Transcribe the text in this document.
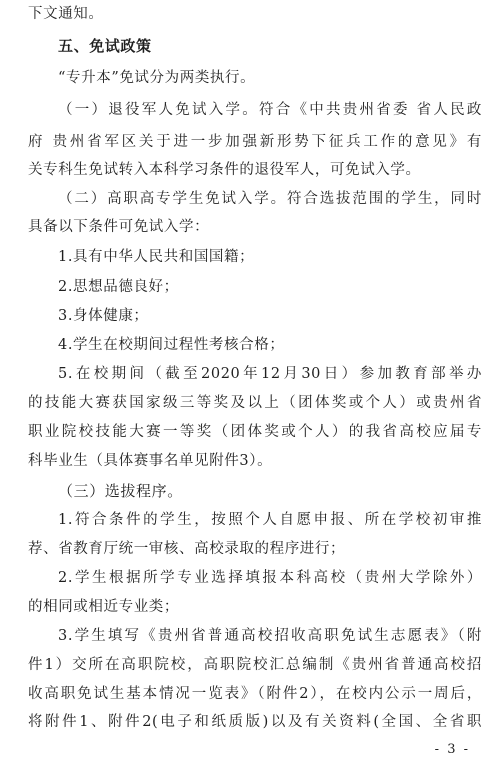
下文通知。
五、免试政策
“专升本”免试分为两类执行。
（一）退役军人免试入学。符合《中共贵州省委 省人民政
府 贵州省军区关于进一步加强新形势下征兵工作的意见》有
关专科生免试转入本科学习条件的退役军人，可免试入学。
（二）高职高专学生免试入学。符合选拔范围的学生，同时
具备以下条件可免试入学：
1.具有中华人民共和国国籍；
2.思想品德良好；
3.身体健康；
4.学生在校期间过程性考核合格；
5.在校期间（截至2020年12月30日）参加教育部举办
的技能大赛获国家级三等奖及以上（团体奖或个人）或贵州省
职业院校技能大赛一等奖（团体奖或个人）的我省高校应届专
科毕业生（具体赛事名单见附件3）。
（三）选拔程序。
1.符合条件的学生，按照个人自愿申报、所在学校初审推
荐、省教育厅统一审核、高校录取的程序进行；
2.学生根据所学专业选择填报本科高校（贵州大学除外）
的相同或相近专业类；
3.学生填写《贵州省普通高校招收高职免试生志愿表》（附
件1）交所在高职院校，高职院校汇总编制《贵州省普通高校招
收高职免试生基本情况一览表》（附件2），在校内公示一周后，
将附件1、附件2(电子和纸质版)以及有关资料(全国、全省职
- 3 -
